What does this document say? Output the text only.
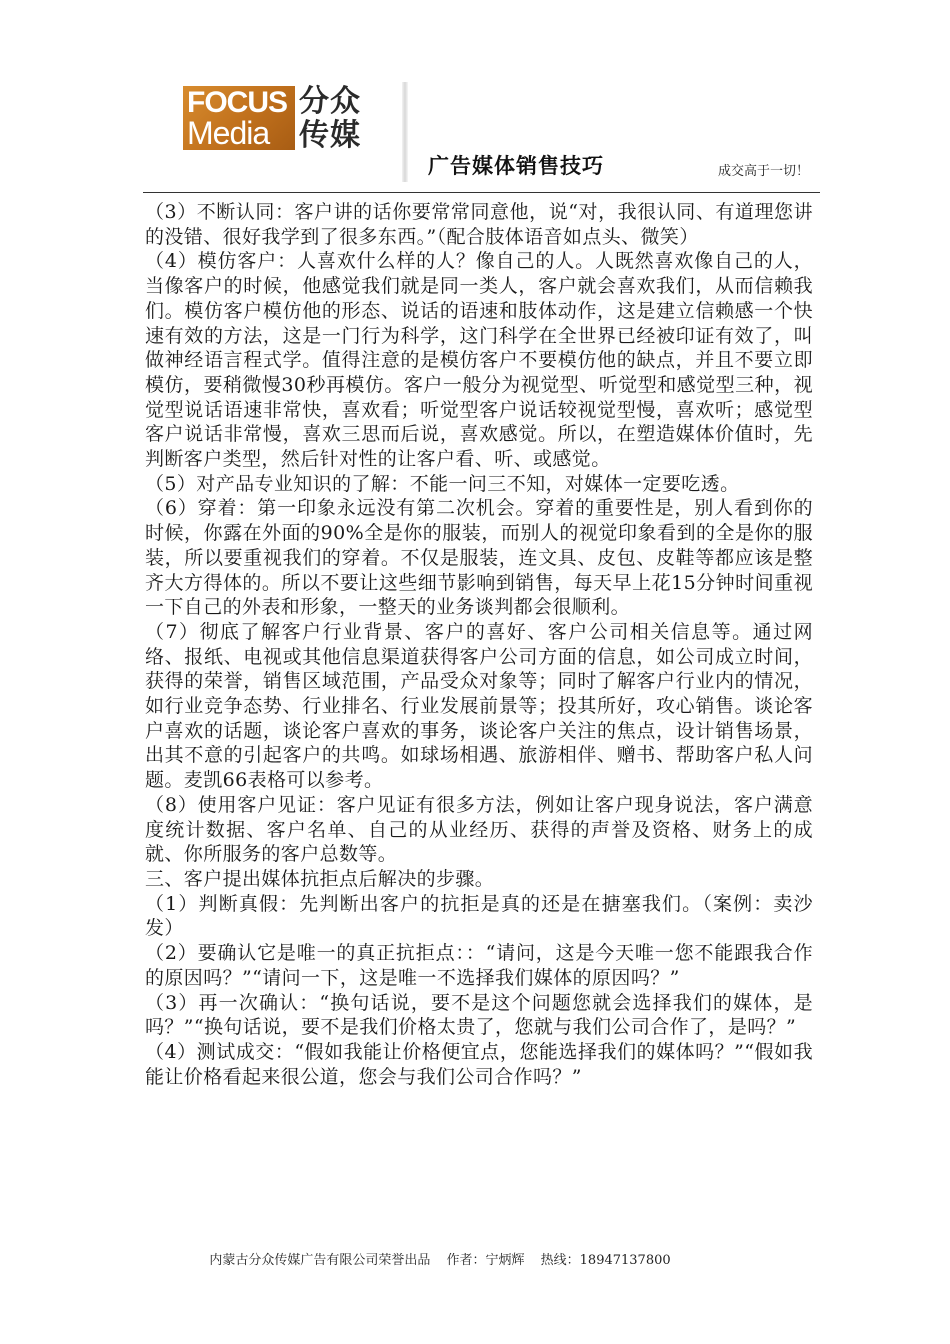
FOCUS
Media
分众
传媒
广告媒体销售技巧	成交高于一切！

（3）不断认同：客户讲的话你要常常同意他，说“对，我很认同、有道理您讲的没错、很好我学到了很多东西。”（配合肢体语音如点头、微笑）

（4）模仿客户：人喜欢什么样的人？像自己的人。人既然喜欢像自己的人，当像客户的时候，他感觉我们就是同一类人，客户就会喜欢我们，从而信赖我们。模仿客户模仿他的形态、说话的语速和肢体动作，这是建立信赖感一个快速有效的方法，这是一门行为科学，这门科学在全世界已经被印证有效了，叫做神经语言程式学。值得注意的是模仿客户不要模仿他的缺点，并且不要立即模仿，要稍微慢30秒再模仿。客户一般分为视觉型、听觉型和感觉型三种，视觉型说话语速非常快，喜欢看；听觉型客户说话较视觉型慢，喜欢听；感觉型客户说话非常慢，喜欢三思而后说，喜欢感觉。所以，在塑造媒体价值时，先判断客户类型，然后针对性的让客户看、听、或感觉。

（5）对产品专业知识的了解：不能一问三不知，对媒体一定要吃透。

（6）穿着：第一印象永远没有第二次机会。穿着的重要性是，别人看到你的时候，你露在外面的90%全是你的服装，而别人的视觉印象看到的全是你的服装，所以要重视我们的穿着。不仅是服装，连文具、皮包、皮鞋等都应该是整齐大方得体的。所以不要让这些细节影响到销售，每天早上花15分钟时间重视一下自己的外表和形象，一整天的业务谈判都会很顺利。

（7）彻底了解客户行业背景、客户的喜好、客户公司相关信息等。通过网络、报纸、电视或其他信息渠道获得客户公司方面的信息，如公司成立时间，获得的荣誉，销售区域范围，产品受众对象等；同时了解客户行业内的情况，如行业竞争态势、行业排名、行业发展前景等；投其所好，攻心销售。谈论客户喜欢的话题，谈论客户喜欢的事务，谈论客户关注的焦点，设计销售场景，出其不意的引起客户的共鸣。如球场相遇、旅游相伴、赠书、帮助客户私人问题。麦凯66表格可以参考。

（8）使用客户见证：客户见证有很多方法，例如让客户现身说法，客户满意度统计数据、客户名单、自己的从业经历、获得的声誉及资格、财务上的成就、你所服务的客户总数等。

三、客户提出媒体抗拒点后解决的步骤。

（1）判断真假：先判断出客户的抗拒是真的还是在搪塞我们。（案例：卖沙发）

（2）要确认它是唯一的真正抗拒点：：“请问，这是今天唯一您不能跟我合作的原因吗？”“请问一下，这是唯一不选择我们媒体的原因吗？”

（3）再一次确认：“换句话说，要不是这个问题您就会选择我们的媒体，是吗？”“换句话说，要不是我们价格太贵了，您就与我们公司合作了，是吗？”

（4）测试成交：“假如我能让价格便宜点，您能选择我们的媒体吗？”“假如我能让价格看起来很公道，您会与我们公司合作吗？”

内蒙古分众传媒广告有限公司荣誉出品 作者：宁炳辉 热线：18947137800
